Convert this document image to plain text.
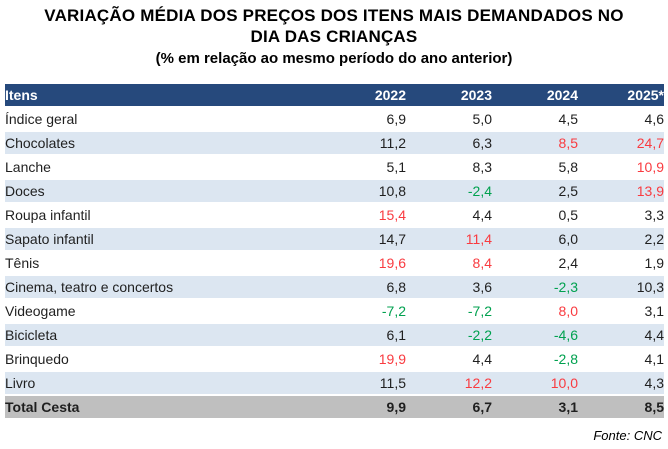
VARIAÇÃO MÉDIA DOS PREÇOS DOS ITENS MAIS DEMANDADOS NO
DIA DAS CRIANÇAS
(% em relação ao mesmo período do ano anterior)
Itens	2022	2023	2024	2025*
Índice geral	6,9	5,0	4,5	4,6
Chocolates	11,2	6,3	8,5	24,7
Lanche	5,1	8,3	5,8	10,9
Doces	10,8	-2,4	2,5	13,9
Roupa infantil	15,4	4,4	0,5	3,3
Sapato infantil	14,7	11,4	6,0	2,2
Tênis	19,6	8,4	2,4	1,9
Cinema, teatro e concertos	6,8	3,6	-2,3	10,3
Videogame	-7,2	-7,2	8,0	3,1
Bicicleta	6,1	-2,2	-4,6	4,4
Brinquedo	19,9	4,4	-2,8	4,1
Livro	11,5	12,2	10,0	4,3
Total Cesta	9,9	6,7	3,1	8,5
Fonte: CNC
